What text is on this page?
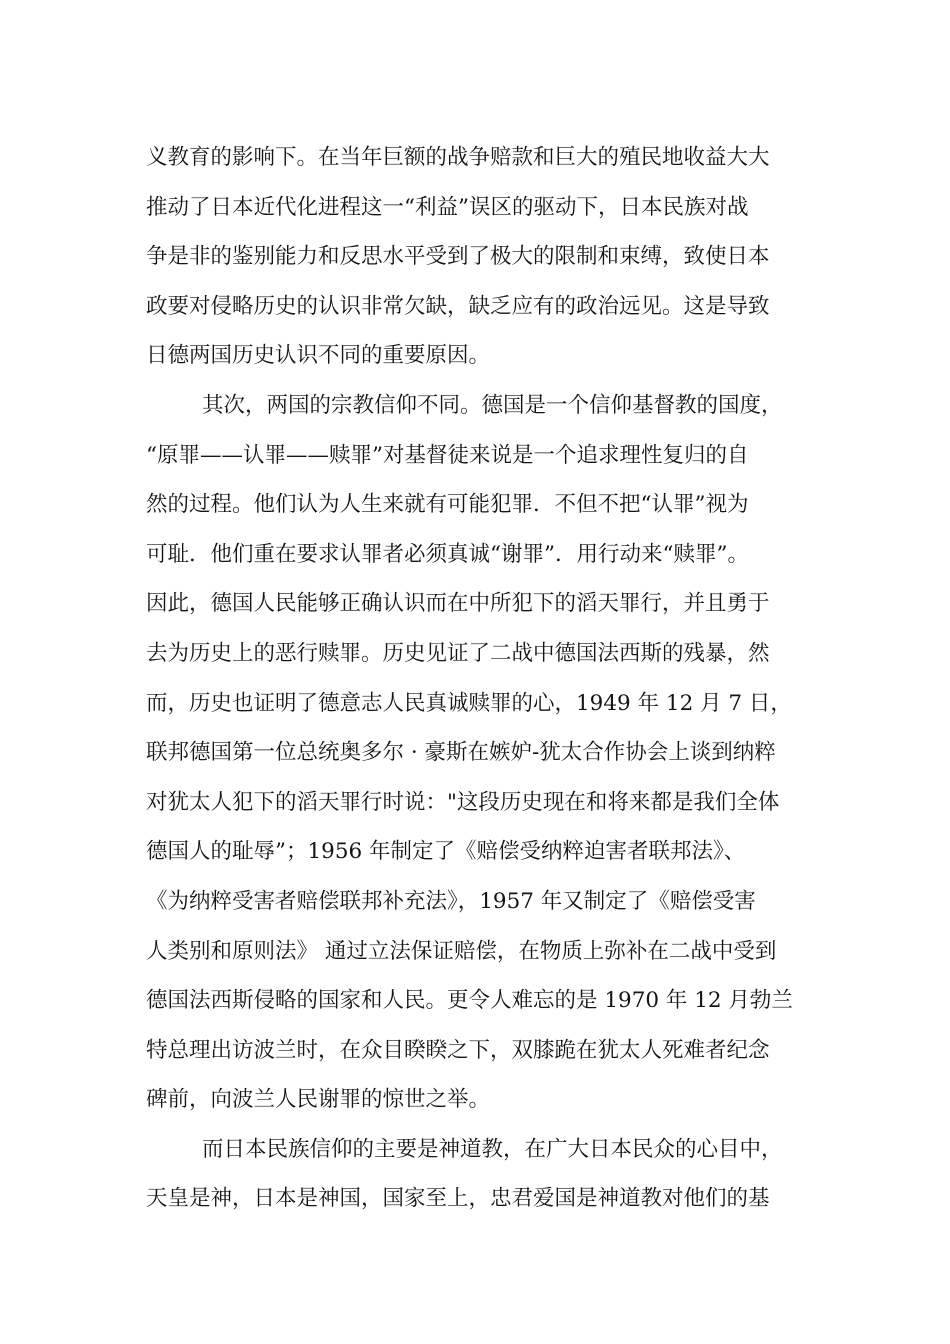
义教育的影响下。在当年巨额的战争赔款和巨大的殖民地收益大大
推动了日本近代化进程这一“利益”误区的驱动下，日本民族对战
争是非的鉴别能力和反思水平受到了极大的限制和束缚，致使日本
政要对侵略历史的认识非常欠缺，缺乏应有的政治远见。这是导致
日德两国历史认识不同的重要原因。
其次，两国的宗教信仰不同。德国是一个信仰基督教的国度，
“原罪——认罪——赎罪”对基督徒来说是一个追求理性复归的自
然的过程。他们认为人生来就有可能犯罪．不但不把“认罪”视为
可耻．他们重在要求认罪者必须真诚“谢罪”．用行动来“赎罪”。
因此，德国人民能够正确认识而在中所犯下的滔天罪行，并且勇于
去为历史上的恶行赎罪。历史见证了二战中德国法西斯的残暴，然
而，历史也证明了德意志人民真诚赎罪的心，1949 年 12 月 7 日，
联邦德国第一位总统奥多尔 · 豪斯在嫉妒-犹太合作协会上谈到纳粹
对犹太人犯下的滔天罪行时说："这段历史现在和将来都是我们全体
德国人的耻辱”；1956 年制定了《赔偿受纳粹迫害者联邦法》、
《为纳粹受害者赔偿联邦补充法》，1957 年又制定了《赔偿受害
人类别和原则法》 通过立法保证赔偿，在物质上弥补在二战中受到
德国法西斯侵略的国家和人民。更令人难忘的是 1970 年 12 月勃兰
特总理出访波兰时，在众目睽睽之下，双膝跪在犹太人死难者纪念
碑前，向波兰人民谢罪的惊世之举。
而日本民族信仰的主要是神道教，在广大日本民众的心目中，
天皇是神，日本是神国，国家至上，忠君爱国是神道教对他们的基
